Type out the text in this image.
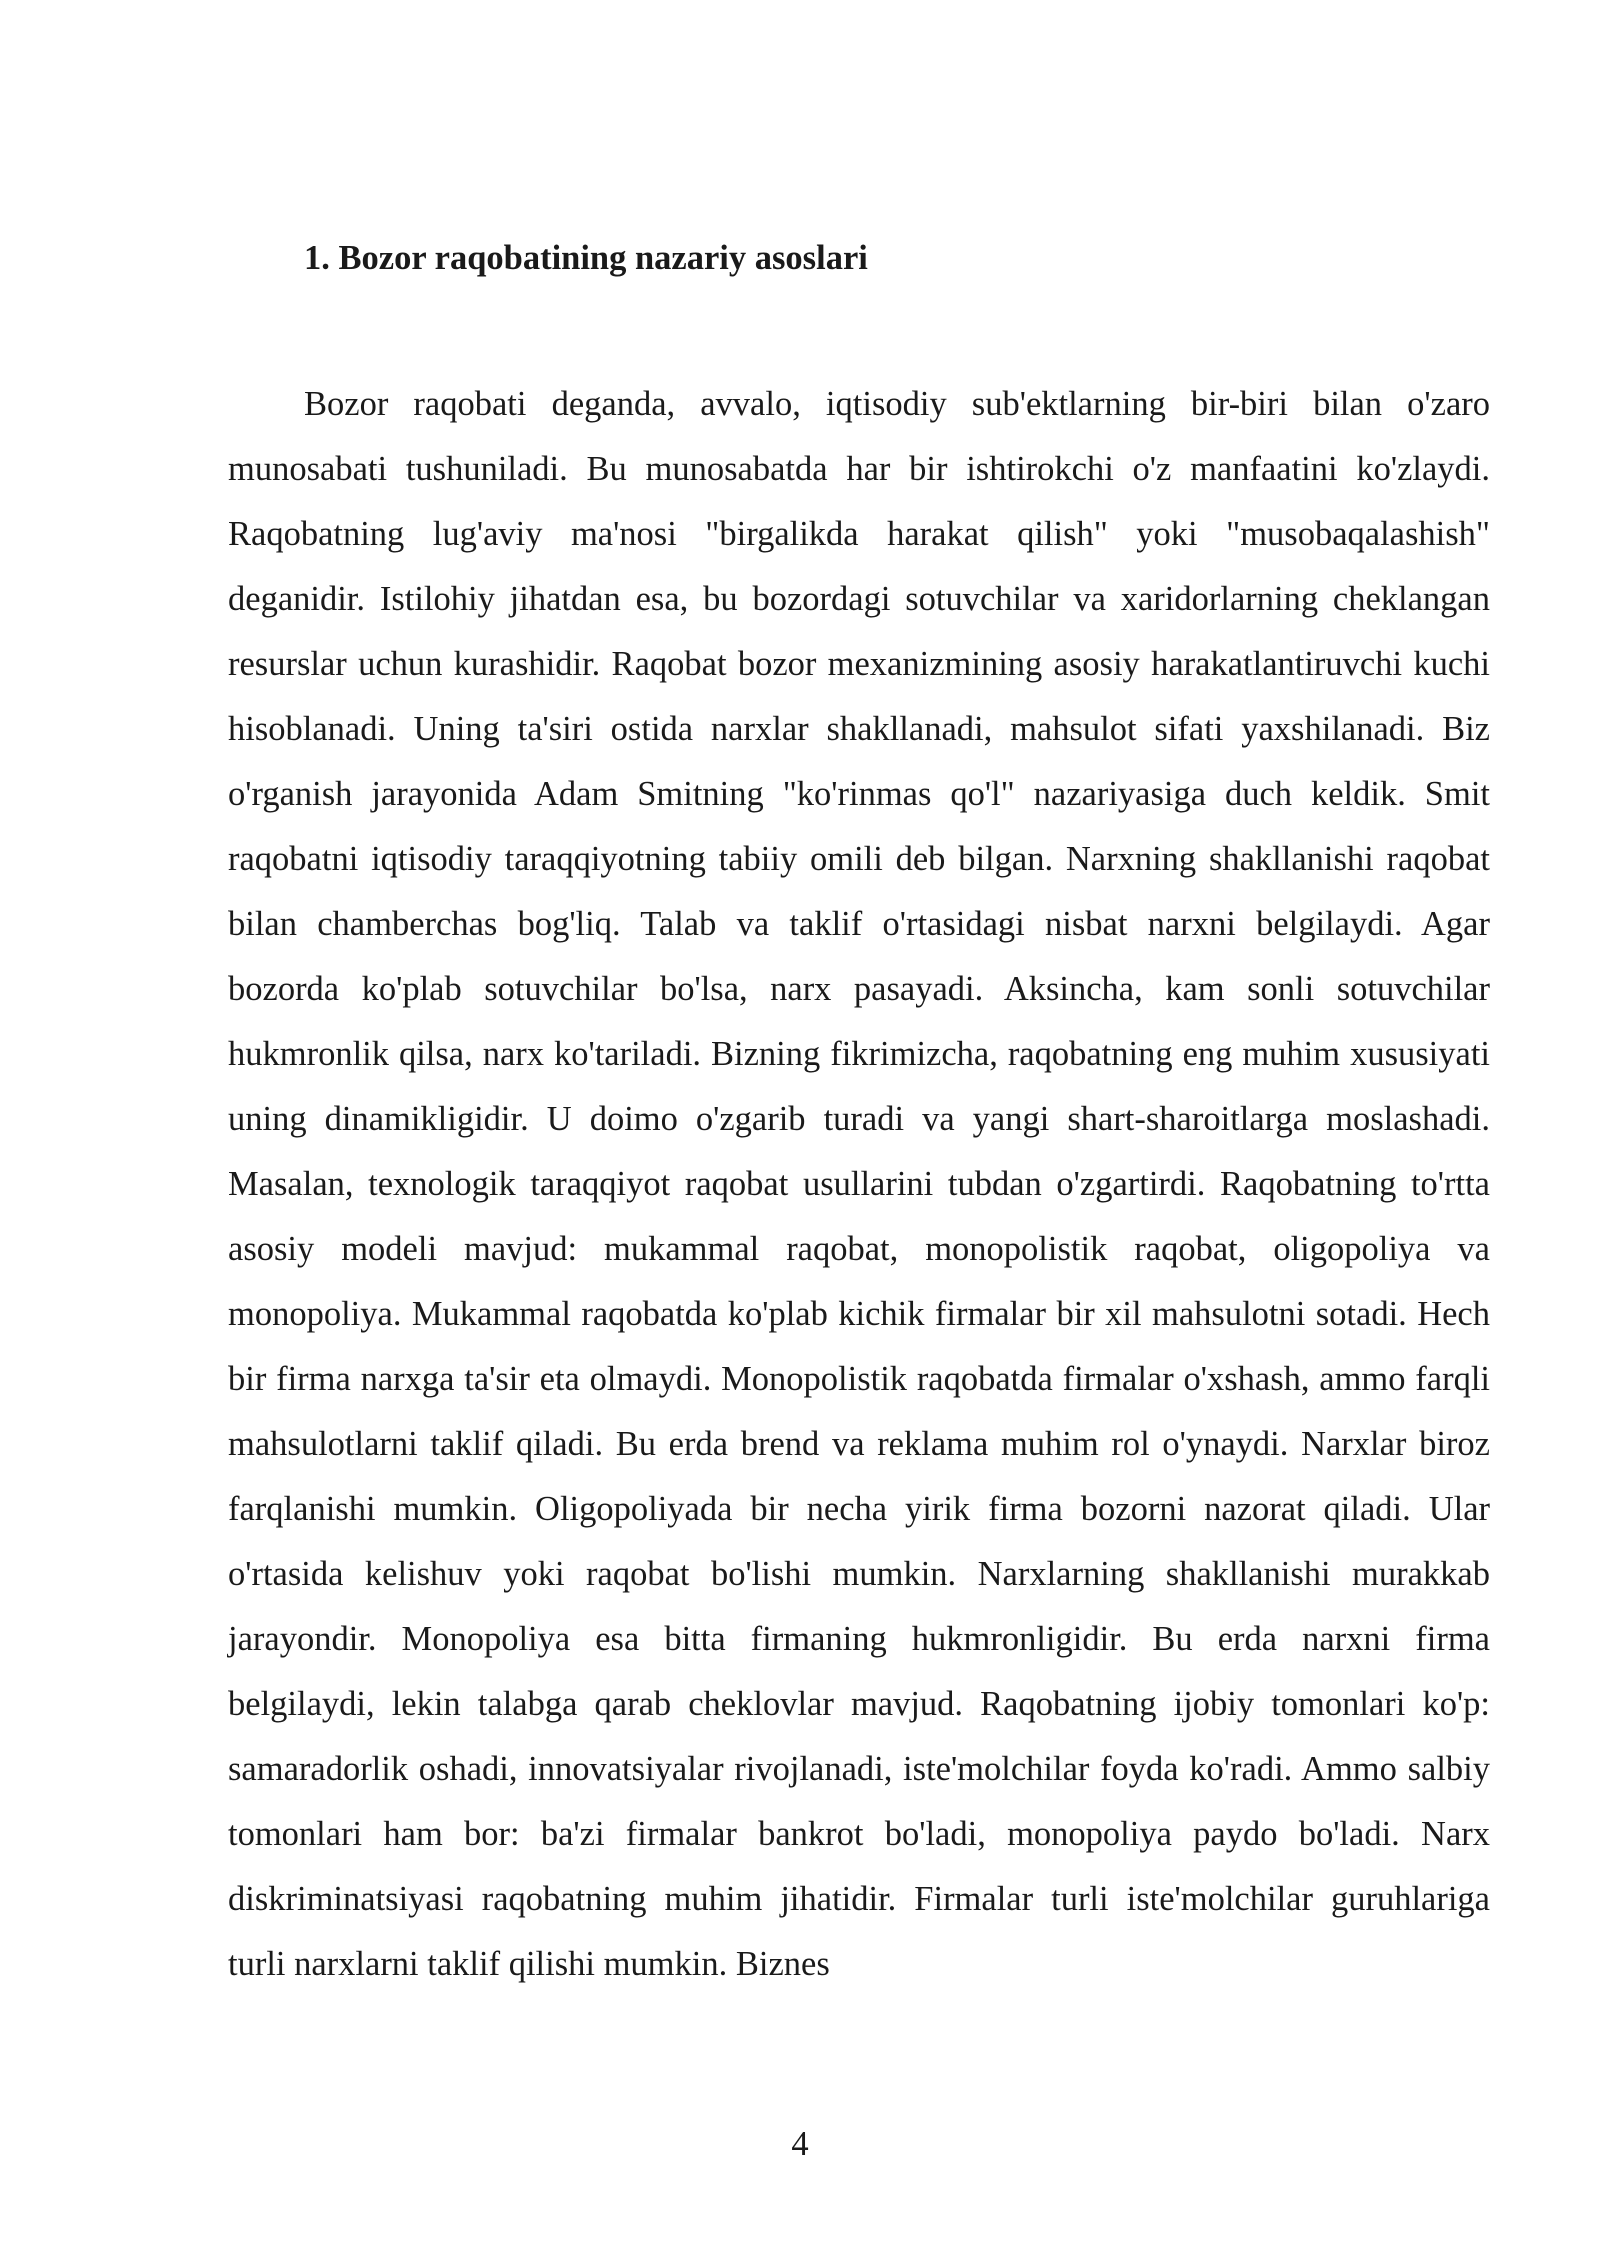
1. Bozor raqobatining nazariy asoslari

Bozor raqobati deganda, avvalo, iqtisodiy sub'ektlarning bir-biri bilan o'zaro munosabati tushuniladi. Bu munosabatda har bir ishtirokchi o'z manfaatini ko'zlaydi. Raqobatning lug'aviy ma'nosi "birgalikda harakat qilish" yoki "musobaqalashish" deganidir. Istilohiy jihatdan esa, bu bozordagi sotuvchilar va xaridorlarning cheklangan resurslar uchun kurashidir. Raqobat bozor mexanizmining asosiy harakatlantiruvchi kuchi hisoblanadi. Uning ta'siri ostida narxlar shakllanadi, mahsulot sifati yaxshilanadi. Biz o'rganish jarayonida Adam Smitning "ko'rinmas qo'l" nazariyasiga duch keldik. Smit raqobatni iqtisodiy taraqqiyotning tabiiy omili deb bilgan. Narxning shakllanishi raqobat bilan chamberchas bog'liq. Talab va taklif o'rtasidagi nisbat narxni belgilaydi. Agar bozorda ko'plab sotuvchilar bo'lsa, narx pasayadi. Aksincha, kam sonli sotuvchilar hukmronlik qilsa, narx ko'tariladi. Bizning fikrimizcha, raqobatning eng muhim xususiyati uning dinamikligidir. U doimo o'zgarib turadi va yangi shart-sharoitlarga moslashadi. Masalan, texnologik taraqqiyot raqobat usullarini tubdan o'zgartirdi. Raqobatning to'rtta asosiy modeli mavjud: mukammal raqobat, monopolistik raqobat, oligopoliya va monopoliya. Mukammal raqobatda ko'plab kichik firmalar bir xil mahsulotni sotadi. Hech bir firma narxga ta'sir eta olmaydi. Monopolistik raqobatda firmalar o'xshash, ammo farqli mahsulotlarni taklif qiladi. Bu erda brend va reklama muhim rol o'ynaydi. Narxlar biroz farqlanishi mumkin. Oligopoliyada bir necha yirik firma bozorni nazorat qiladi. Ular o'rtasida kelishuv yoki raqobat bo'lishi mumkin. Narxlarning shakllanishi murakkab jarayondir. Monopoliya esa bitta firmaning hukmronligidir. Bu erda narxni firma belgilaydi, lekin talabga qarab cheklovlar mavjud. Raqobatning ijobiy tomonlari ko'p: samaradorlik oshadi, innovatsiyalar rivojlanadi, iste'molchilar foyda ko'radi. Ammo salbiy tomonlari ham bor: ba'zi firmalar bankrot bo'ladi, monopoliya paydo bo'ladi. Narx diskriminatsiyasi raqobatning muhim jihatidir. Firmalar turli iste'molchilar guruhlariga turli narxlarni taklif qilishi mumkin. Biznes

4
